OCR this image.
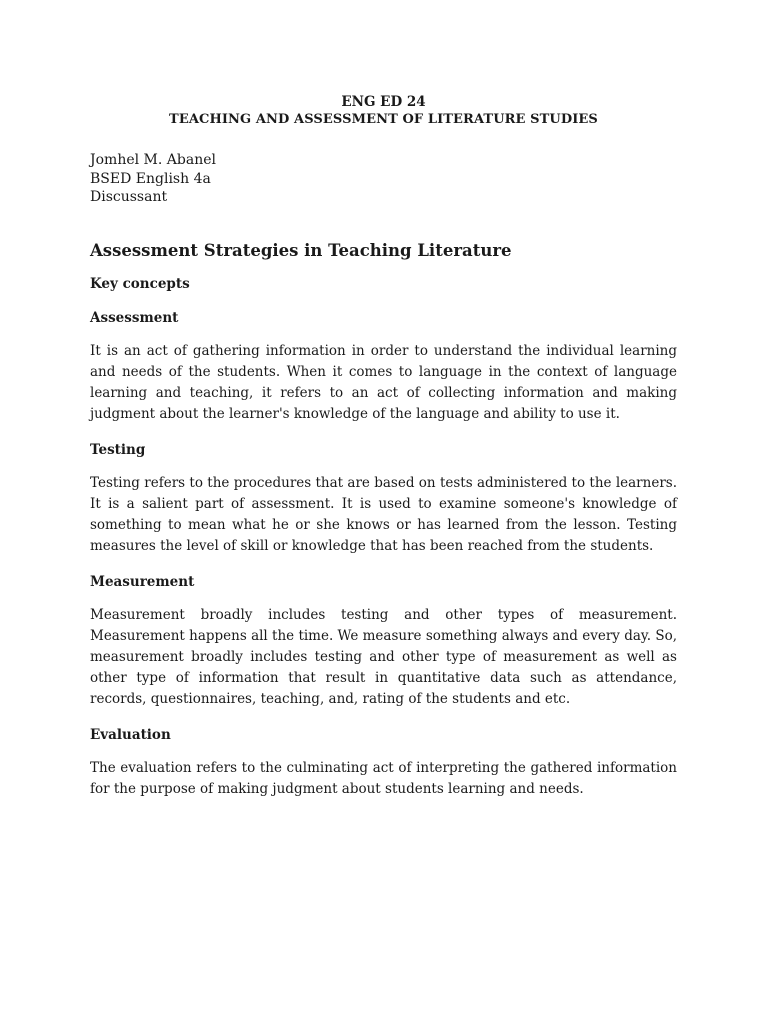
ENG ED 24
TEACHING AND ASSESSMENT OF LITERATURE STUDIES
Jomhel M. Abanel
BSED English 4a
Discussant
Assessment Strategies in Teaching Literature
Key concepts
Assessment
It is an act of gathering information in order to understand the individual learning and needs of the students. When it comes to language in the context of language learning and teaching, it refers to an act of collecting information and making judgment about the learner's knowledge of the language and ability to use it.
Testing
Testing refers to the procedures that are based on tests administered to the learners. It is a salient part of assessment. It is used to examine someone's knowledge of something to mean what he or she knows or has learned from the lesson. Testing measures the level of skill or knowledge that has been reached from the students.
Measurement
Measurement broadly includes testing and other types of measurement. Measurement happens all the time. We measure something always and every day. So, measurement broadly includes testing and other type of measurement as well as other type of information that result in quantitative data such as attendance, records, questionnaires, teaching, and, rating of the students and etc.
Evaluation
The evaluation refers to the culminating act of interpreting the gathered information for the purpose of making judgment about students learning and needs.
